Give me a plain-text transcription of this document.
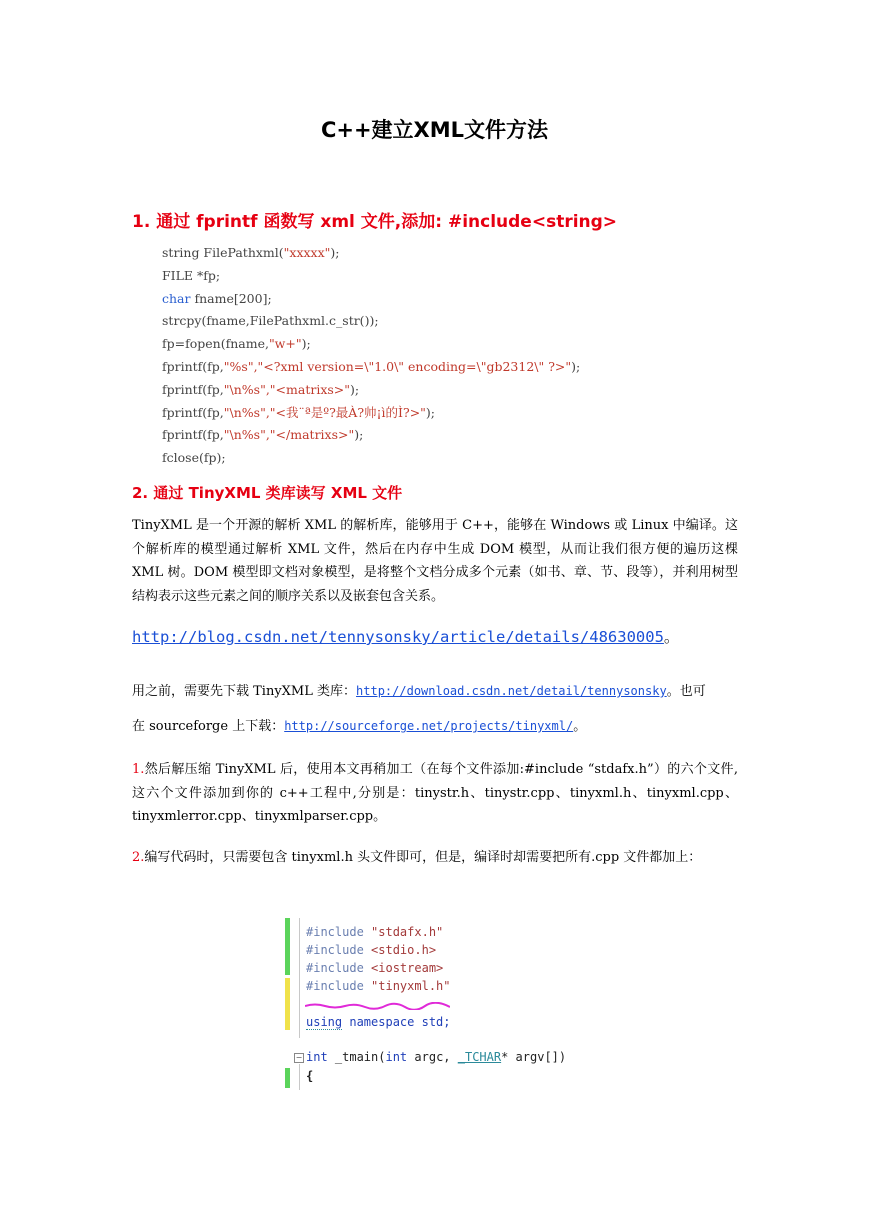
C++建立XML文件方法
1. 通过 fprintf 函数写 xml 文件,添加: #include<string>
string FilePathxml("xxxxx");
FILE *fp;
char fname[200];
strcpy(fname,FilePathxml.c_str());
fp=fopen(fname,"w+");
fprintf(fp,"%s","<?xml version=\"1.0\" encoding=\"gb2312\" ?>");
fprintf(fp,"\n%s","<matrixs>");
fprintf(fp,"\n%s","<我¨ª是º?最À?帅¡ì的Ì?>");
fprintf(fp,"\n%s","</matrixs>");
fclose(fp);
2. 通过 TinyXML 类库读写 XML 文件
TinyXML 是一个开源的解析 XML 的解析库，能够用于 C++，能够在 Windows 或 Linux 中编译。这个解析库的模型通过解析 XML 文件，然后在内存中生成 DOM 模型，从而让我们很方便的遍历这棵 XML 树。DOM 模型即文档对象模型，是将整个文档分成多个元素（如书、章、节、段等），并利用树型结构表示这些元素之间的顺序关系以及嵌套包含关系。
http://blog.csdn.net/tennysonsky/article/details/48630005。
用之前，需要先下载 TinyXML 类库：http://download.csdn.net/detail/tennysonsky。也可
在 sourceforge 上下载：http://sourceforge.net/projects/tinyxml/。
1.然后解压缩 TinyXML 后，使用本文再稍加工（在每个文件添加:#include “stdafx.h”）的六个文件,这六个文件添加到你的 c++工程中,分别是：tinystr.h、tinystr.cpp、tinyxml.h、tinyxml.cpp、 tinyxmlerror.cpp、tinyxmlparser.cpp。
2.编写代码时，只需要包含 tinyxml.h 头文件即可，但是，编译时却需要把所有.cpp 文件都加上：
#include "stdafx.h"
#include <stdio.h>
#include <iostream>
#include "tinyxml.h"
using namespace std;
− int _tmain(int argc, _TCHAR* argv[])
{
